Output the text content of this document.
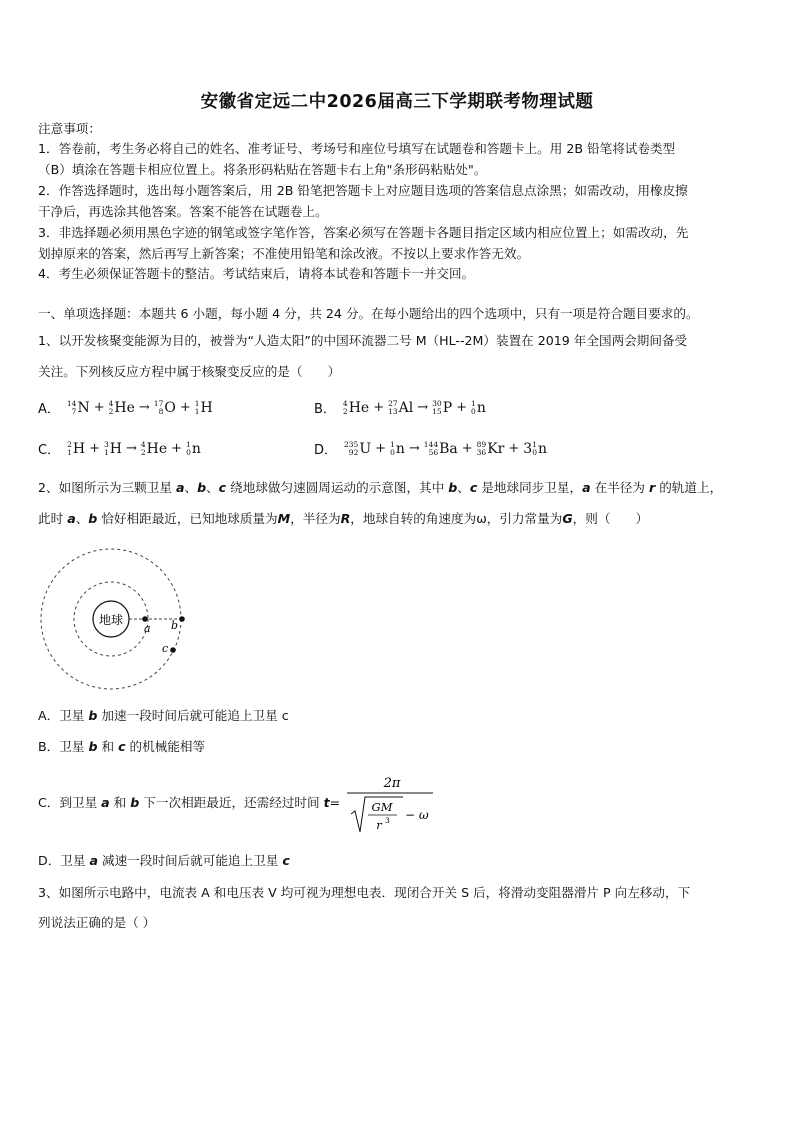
安徽省定远二中2026届高三下学期联考物理试题
注意事项：
1．答卷前，考生务必将自己的姓名、准考证号、考场号和座位号填写在试题卷和答题卡上。用 2B 铅笔将试卷类型
（B）填涂在答题卡相应位置上。将条形码粘贴在答题卡右上角"条形码粘贴处"。
2．作答选择题时，选出每小题答案后，用 2B 铅笔把答题卡上对应题目选项的答案信息点涂黑；如需改动，用橡皮擦
干净后，再选涂其他答案。答案不能答在试题卷上。
3．非选择题必须用黑色字迹的钢笔或签字笔作答，答案必须写在答题卡各题目指定区域内相应位置上；如需改动，先
划掉原来的答案，然后再写上新答案；不准使用铅笔和涂改液。不按以上要求作答无效。
4．考生必须保证答题卡的整洁。考试结束后，请将本试卷和答题卡一并交回。
一、单项选择题：本题共 6 小题，每小题 4 分，共 24 分。在每小题给出的四个选项中，只有一项是符合题目要求的。
1、以开发核聚变能源为目的，被誉为“人造太阳”的中国环流器二号 M（HL--2M）装置在 2019 年全国两会期间备受
关注。下列核反应方程中属于核聚变反应的是（　　）
A． 14
7 N + 4
2 He → 17
8 O + 1
1 H	B． 4
2 He + 27
13 Al → 30
15 P + 1
0 n
C． 2
1 H + 3
1 H → 4
2 He + 1
0 n	D． 235
92 U + 1
0 n → 144
56 Ba + 89
36 Kr + 3 1
0 n
2、如图所示为三颗卫星 a、b、c 绕地球做匀速圆周运动的示意图，其中 b、c 是地球同步卫星，a 在半径为 r 的轨道上，
此时 a、b 恰好相距最近，已知地球质量为M，半径为R，地球自转的角速度为ω，引力常量为G，则（　　）
地球
a b
c
A．卫星 b 加速一段时间后就可能追上卫星 c
B．卫星 b 和 c 的机械能相等
C．到卫星 a 和 b 下一次相距最近，还需经过时间 t=
2π
GM
r 3 − ω
D．卫星 a 减速一段时间后就可能追上卫星 c
3、如图所示电路中，电流表 A 和电压表 V 均可视为理想电表．现闭合开关 S 后，将滑动变阻器滑片 P 向左移动，下
列说法正确的是（ ）
